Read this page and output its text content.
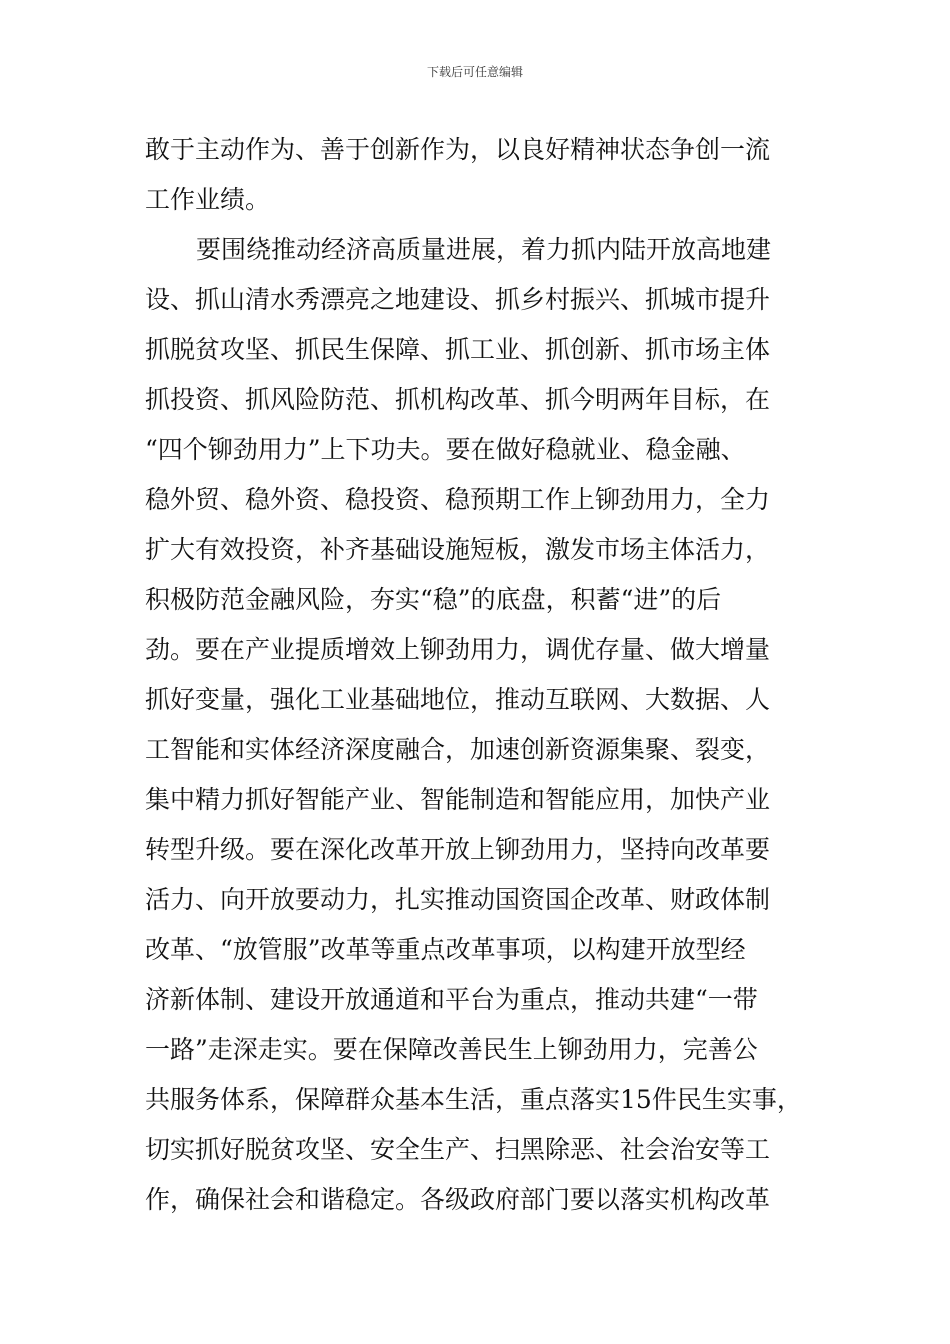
下载后可任意编辑
敢于主动作为、善于创新作为，以良好精神状态争创一流
工作业绩。
要围绕推动经济高质量进展，着力抓内陆开放高地建
设、抓山清水秀漂亮之地建设、抓乡村振兴、抓城市提升
抓脱贫攻坚、抓民生保障、抓工业、抓创新、抓市场主体
抓投资、抓风险防范、抓机构改革、抓今明两年目标，在
“四个铆劲用力”上下功夫。要在做好稳就业、稳金融、
稳外贸、稳外资、稳投资、稳预期工作上铆劲用力，全力
扩大有效投资，补齐基础设施短板，激发市场主体活力，
积极防范金融风险，夯实“稳”的底盘，积蓄“进”的后
劲。要在产业提质增效上铆劲用力，调优存量、做大增量
抓好变量，强化工业基础地位，推动互联网、大数据、人
工智能和实体经济深度融合，加速创新资源集聚、裂变，
集中精力抓好智能产业、智能制造和智能应用，加快产业
转型升级。要在深化改革开放上铆劲用力，坚持向改革要
活力、向开放要动力，扎实推动国资国企改革、财政体制
改革、“放管服”改革等重点改革事项，以构建开放型经
济新体制、建设开放通道和平台为重点，推动共建“一带
一路”走深走实。要在保障改善民生上铆劲用力，完善公
共服务体系，保障群众基本生活，重点落实15件民生实事，
切实抓好脱贫攻坚、安全生产、扫黑除恶、社会治安等工
作，确保社会和谐稳定。各级政府部门要以落实机构改革
